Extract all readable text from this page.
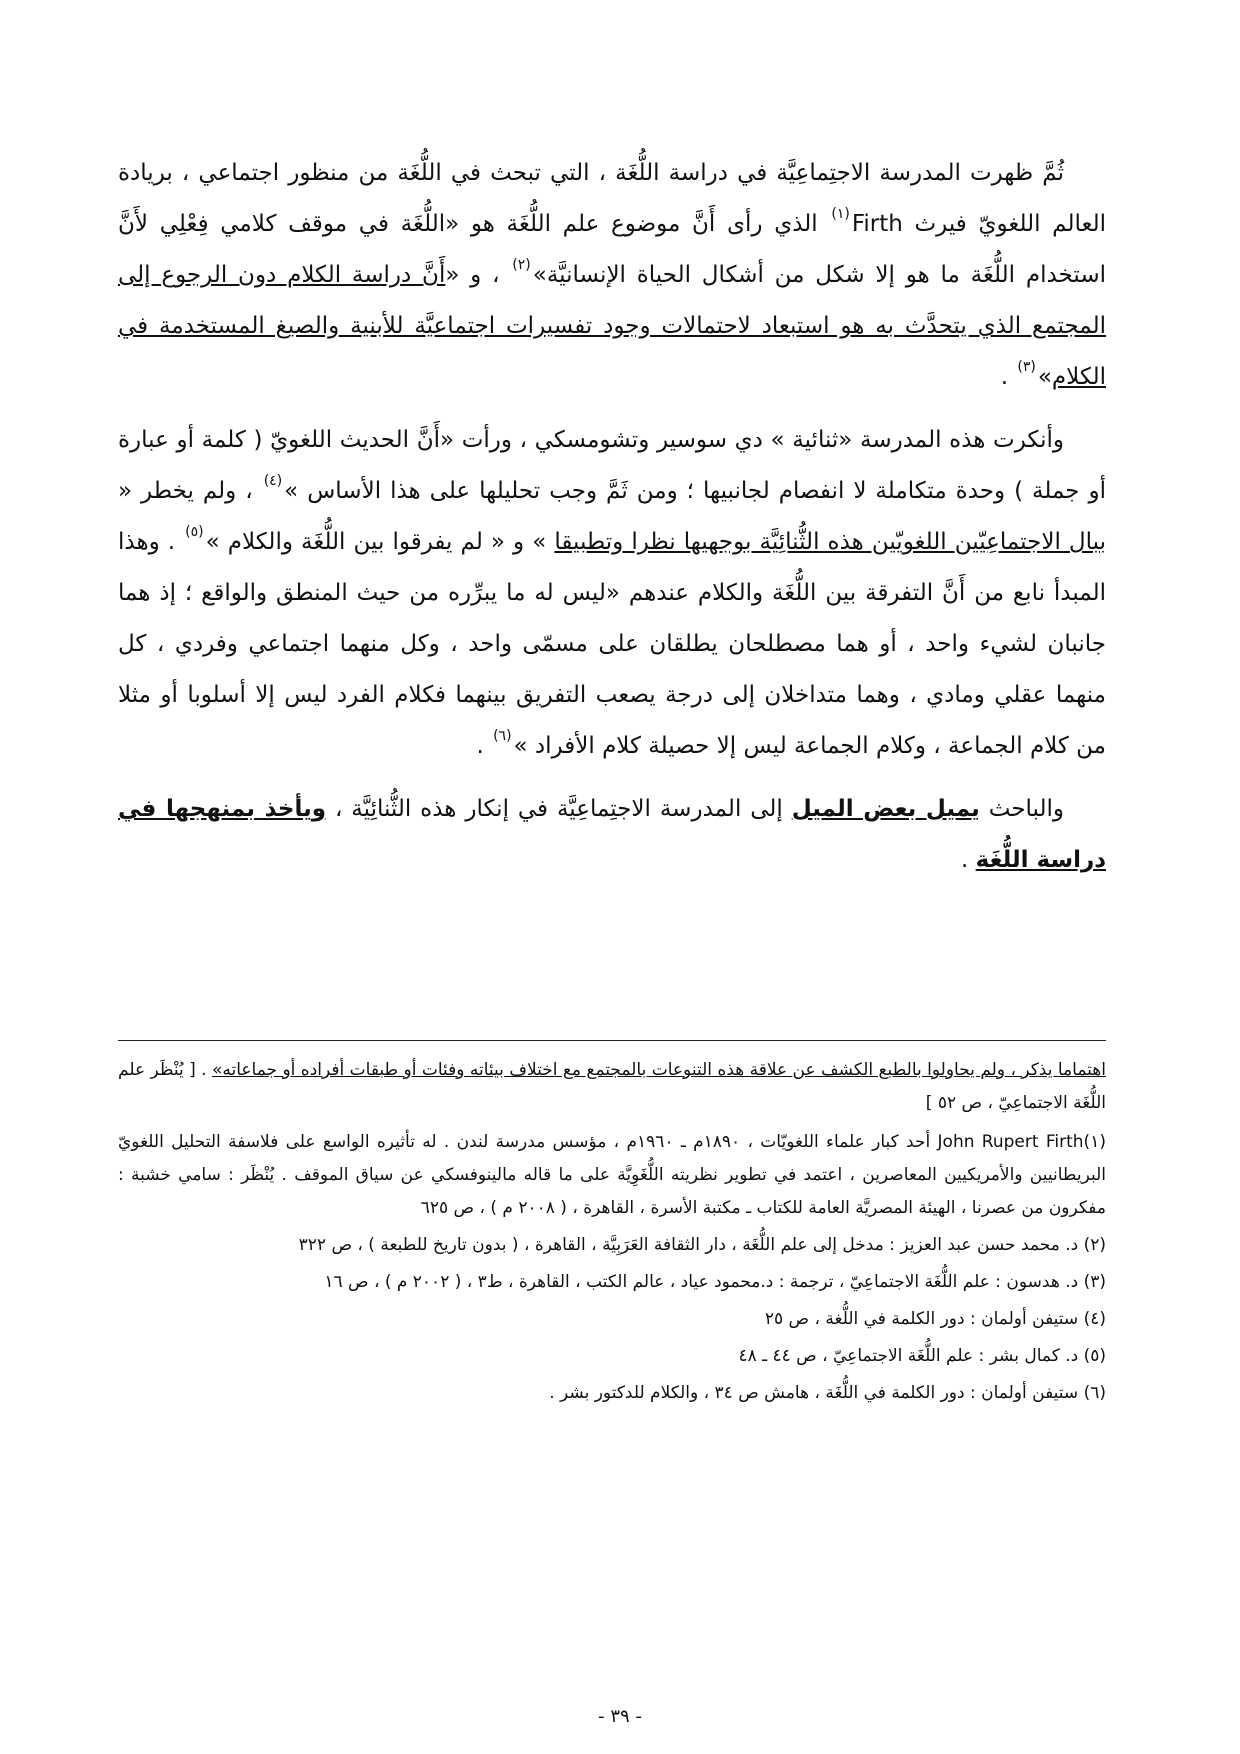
ثُمَّ ظهرت المدرسة الاجتِماعِيَّة في دراسة اللُّغَة ، التي تبحث في اللُّغَة من منظور اجتماعي ، بريادة العالم اللغويّ فيرث Firth$^{(١)}$ الذي رأى أَنَّ موضوع علم اللُّغَة هو «اللُّغَة في موقف كلامي فِعْلِي لأَنَّ استخدام اللُّغَة ما هو إلا شكل من أشكال الحياة الإنسانيَّة»$^{(٢)}$ ، و «أَنَّ دراسة الكلام دون الرجوع إلى المجتمع الذي يتحدَّث به هو استبعاد لاحتمالات وجود تفسيرات اجتماعيَّة للأبنية والصيغ المستخدمة في الكلام»$^{(٣)}$ .

وأنكرت هذه المدرسة «ثنائية » دي سوسير وتشومسكي ، ورأت «أَنَّ الحديث اللغويّ ( كلمة أو عبارة أو جملة ) وحدة متكاملة لا انفصام لجانبيها ؛ ومن ثَمَّ وجب تحليلها على هذا الأساس »$^{(٤)}$ ، ولم يخطر « ببال الاجتماعِيّين اللغويّين هذه الثُّنائِيَّة بوجهيها نظرا وتطبيقا » و « لم يفرقوا بين اللُّغَة والكلام »$^{(٥)}$ . وهذا المبدأ نابع من أَنَّ التفرقة بين اللُّغَة والكلام عندهم «ليس له ما يبرِّره من حيث المنطق والواقع ؛ إذ هما جانبان لشيء واحد ، أو هما مصطلحان يطلقان على مسمّى واحد ، وكل منهما اجتماعي وفردي ، كل منهما عقلي ومادي ، وهما متداخلان إلى درجة يصعب التفريق بينهما فكلام الفرد ليس إلا أسلوبا أو مثلا من كلام الجماعة ، وكلام الجماعة ليس إلا حصيلة كلام الأفراد »$^{(٦)}$ .

والباحث يميل بعض الميل إلى المدرسة الاجتِماعِيَّة في إنكار هذه الثُّنائِيَّة ، ويأخذ بمنهجها في دراسة اللُّغَة .

اهتماما يذكر ، ولم يحاولوا بالطبع الكشف عن علاقة هذه التنوعات بالمجتمع مع اختلاف بيئاته وفئات أو طبقات أفراده أو جماعاته» . [ يُنْظَر علم اللُّغَة الاجتماعِيّ ، ص ٥٢ ]

(١)John Rupert Firth أحد كبار علماء اللغويّات ، ١٨٩٠م ـ ١٩٦٠م ، مؤسس مدرسة لندن . له تأثيره الواسع على فلاسفة التحليل اللغويّ البريطانيين والأمريكيين المعاصرين ، اعتمد في تطوير نظريته اللُّغَوِيَّة على ما قاله مالينوفسكي عن سياق الموقف . يُنْظَر : سامي خشبة : مفكرون من عصرنا ، الهيئة المصريَّة العامة للكتاب ـ مكتبة الأسرة ، القاهرة ، ( ٢٠٠٨ م ) ، ص ٦٢٥

(٢) د. محمد حسن عبد العزيز : مدخل إلى علم اللُّغَة ، دار الثقافة العَرَبِيَّة ، القاهرة ، ( بدون تاريخ للطبعة ) ، ص ٣٢٢

(٣) د. هدسون : علم اللُّغَة الاجتماعِيّ ، ترجمة : د.محمود عياد ، عالم الكتب ، القاهرة ، ط٣ ، ( ٢٠٠٢ م ) ، ص ١٦

(٤) ستيفن أولمان : دور الكلمة في اللُّغة ، ص ٢٥

(٥) د. كمال بشر : علم اللُّغَة الاجتماعِيّ ، ص ٤٤ ـ ٤٨

(٦) ستيفن أولمان : دور الكلمة في اللُّغَة ، هامش ص ٣٤ ، والكلام للدكتور بشر .

- ٣٩ -
